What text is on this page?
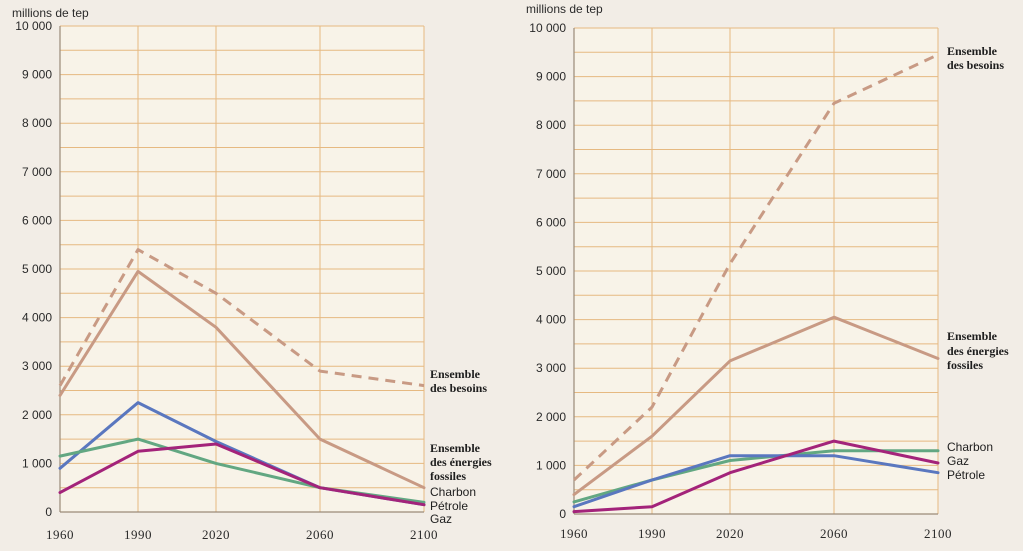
millions de tep
0
1 000
2 000
3 000
4 000
5 000
6 000
7 000
8 000
9 000
10 000
1960	1990	2020	2060	2100
Ensemble
des besoins
Ensemble
des énergies
fossiles
Charbon
Pétrole
Gaz
millions de tep
0
1 000
2 000
3 000
4 000
5 000
6 000
7 000
8 000
9 000
10 000
1960	1990	2020	2060	2100
Ensemble
des besoins
Ensemble
des énergies
fossiles
Charbon
Gaz
Pétrole
